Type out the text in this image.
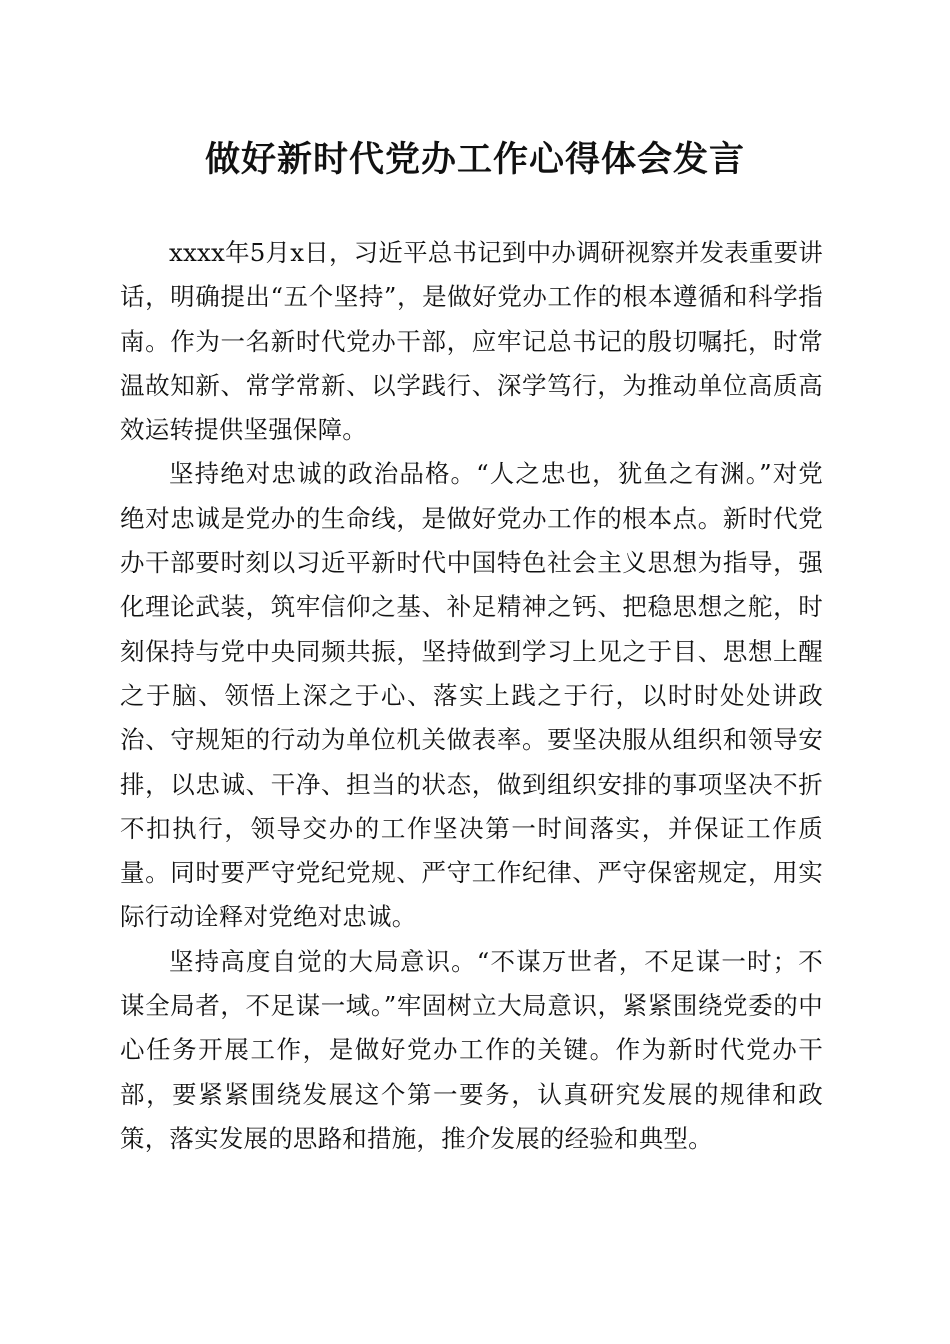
做好新时代党办工作心得体会发言

xxxx年5月x日，习近平总书记到中办调研视察并发表重要讲话，明确提出“五个坚持”，是做好党办工作的根本遵循和科学指南。作为一名新时代党办干部，应牢记总书记的殷切嘱托，时常温故知新、常学常新、以学践行、深学笃行，为推动单位高质高效运转提供坚强保障。

坚持绝对忠诚的政治品格。“人之忠也，犹鱼之有渊。”对党绝对忠诚是党办的生命线，是做好党办工作的根本点。新时代党办干部要时刻以习近平新时代中国特色社会主义思想为指导，强化理论武装，筑牢信仰之基、补足精神之钙、把稳思想之舵，时刻保持与党中央同频共振，坚持做到学习上见之于目、思想上醒之于脑、领悟上深之于心、落实上践之于行，以时时处处讲政治、守规矩的行动为单位机关做表率。要坚决服从组织和领导安排，以忠诚、干净、担当的状态，做到组织安排的事项坚决不折不扣执行，领导交办的工作坚决第一时间落实，并保证工作质量。同时要严守党纪党规、严守工作纪律、严守保密规定，用实际行动诠释对党绝对忠诚。

坚持高度自觉的大局意识。“不谋万世者，不足谋一时；不谋全局者，不足谋一域。”牢固树立大局意识，紧紧围绕党委的中心任务开展工作，是做好党办工作的关键。作为新时代党办干部，要紧紧围绕发展这个第一要务，认真研究发展的规律和政策，落实发展的思路和措施，推介发展的经验和典型。
